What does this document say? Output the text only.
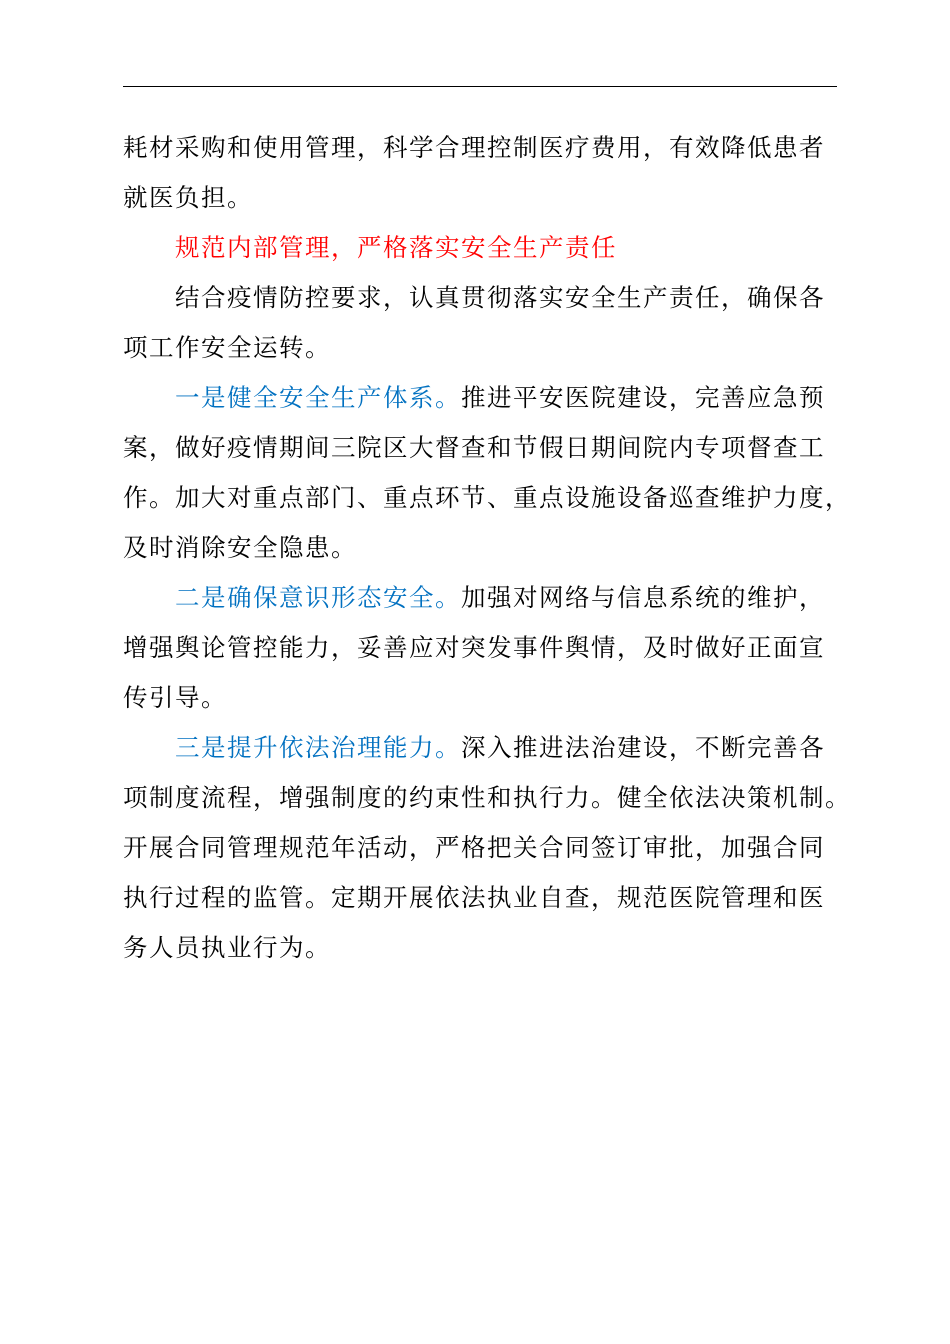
耗材采购和使用管理，科学合理控制医疗费用，有效降低患者
就医负担。

规范内部管理，严格落实安全生产责任

结合疫情防控要求，认真贯彻落实安全生产责任，确保各
项工作安全运转。

一是健全安全生产体系。推进平安医院建设，完善应急预
案，做好疫情期间三院区大督查和节假日期间院内专项督查工
作。加大对重点部门、重点环节、重点设施设备巡查维护力度，
及时消除安全隐患。

二是确保意识形态安全。加强对网络与信息系统的维护，
增强舆论管控能力，妥善应对突发事件舆情，及时做好正面宣
传引导。

三是提升依法治理能力。深入推进法治建设，不断完善各
项制度流程，增强制度的约束性和执行力。健全依法决策机制。
开展合同管理规范年活动，严格把关合同签订审批，加强合同
执行过程的监管。定期开展依法执业自查，规范医院管理和医
务人员执业行为。
